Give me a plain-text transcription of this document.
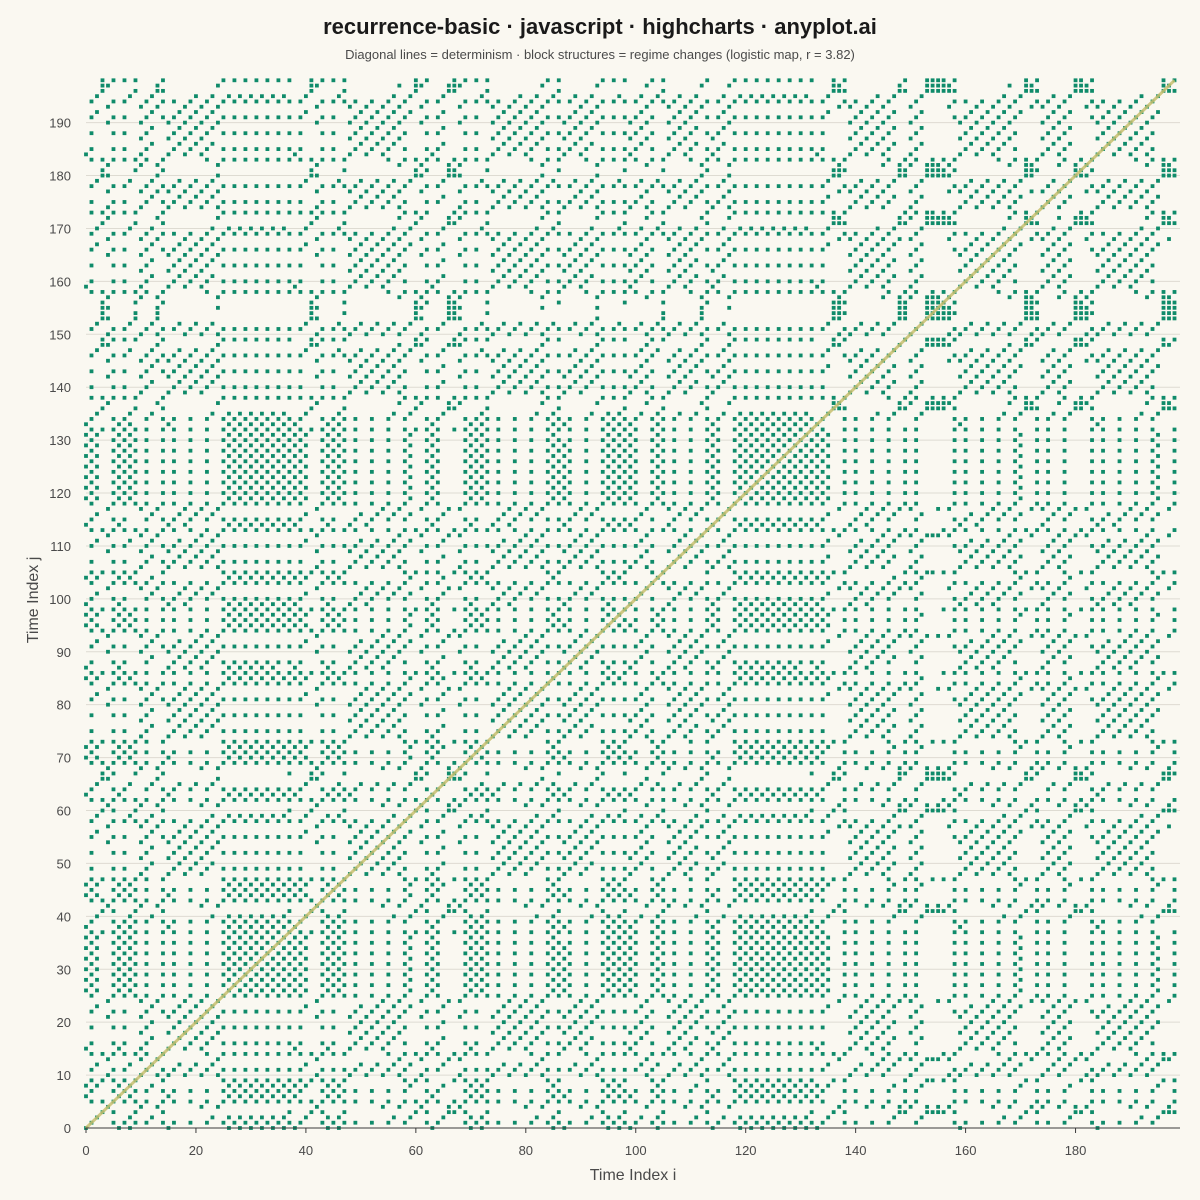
recurrence-basic · javascript · highcharts · anyplot.ai
Diagonal lines = determinism · block structures = regime changes (logistic map, r = 3.82)
0	20	40	60	80	100	120	140	160	180
0
10
20
30
40
50
60
70
80
90
100
110
120
130
140
150
160
170
180
190
Time Index i
Time Index j
